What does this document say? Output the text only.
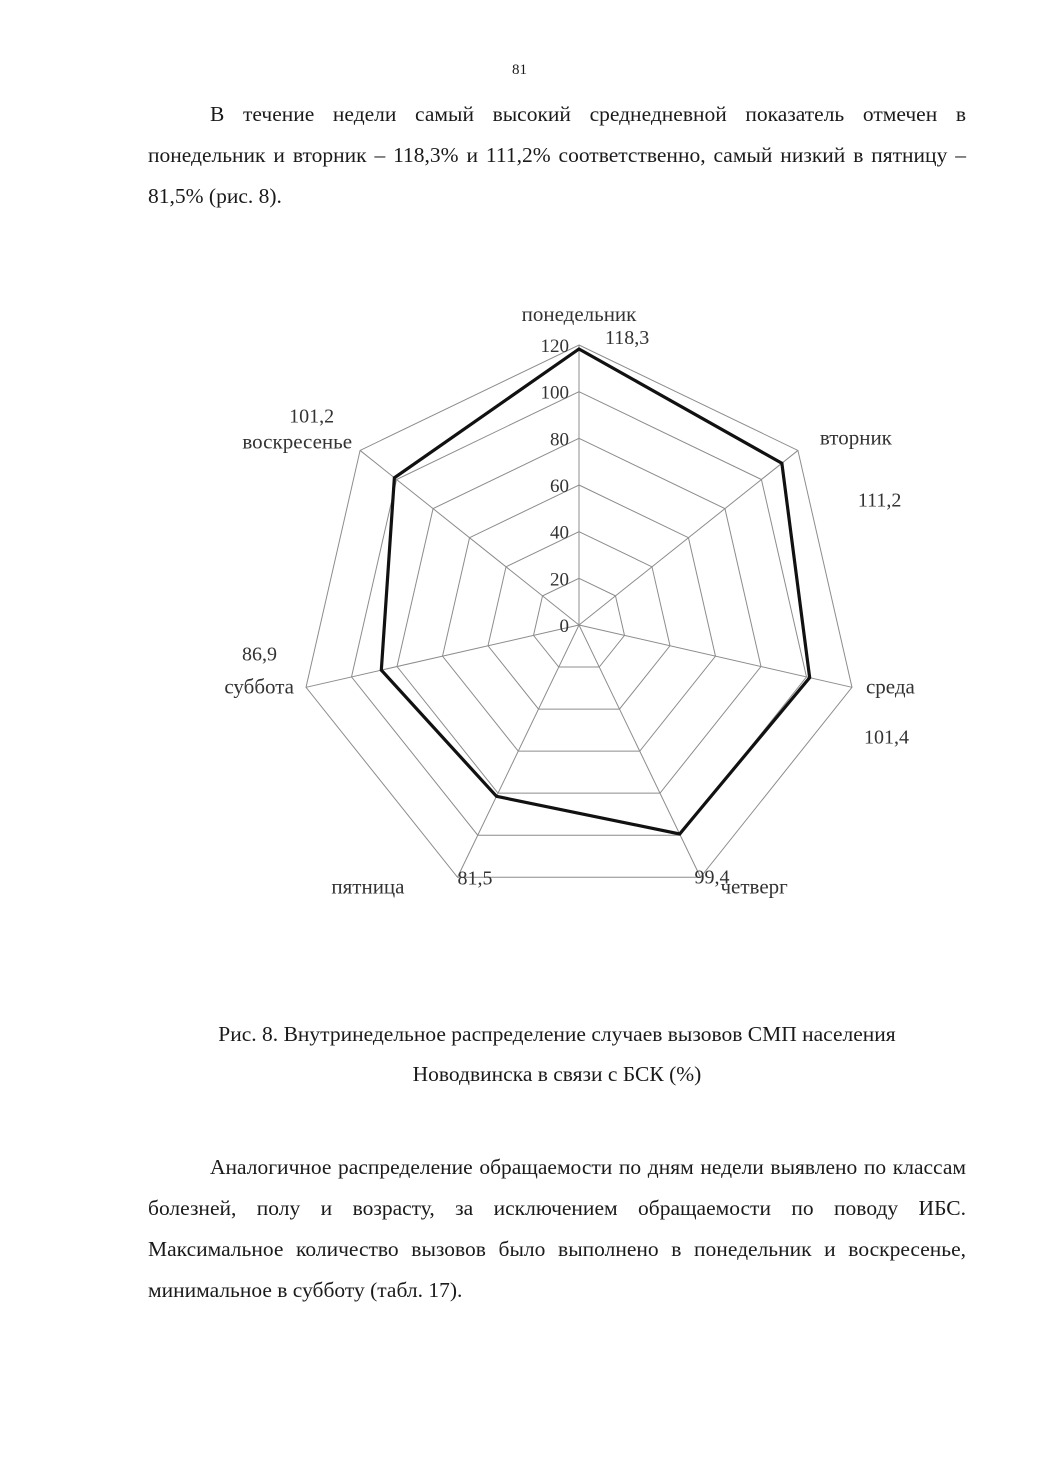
81

В течение недели самый высокий среднедневной показатель отмечен в понедельник и вторник – 118,3% и 111,2% соответственно, самый низкий в пятницу – 81,5% (рис. 8).

0
20
40
60
80
100
120
понедельник
118,3
вторник
111,2
среда
101,4
четверг
99,4
пятница	81,5
суббота
86,9
воскресенье
101,2

Рис. 8. Внутринедельное распределение случаев вызовов СМП населения
Новодвинска в связи с БСК (%)

Аналогичное распределение обращаемости по дням недели выявлено по классам болезней, полу и возрасту, за исключением обращаемости по поводу ИБС. Максимальное количество вызовов было выполнено в понедельник и воскресенье, минимальное в субботу (табл. 17).
